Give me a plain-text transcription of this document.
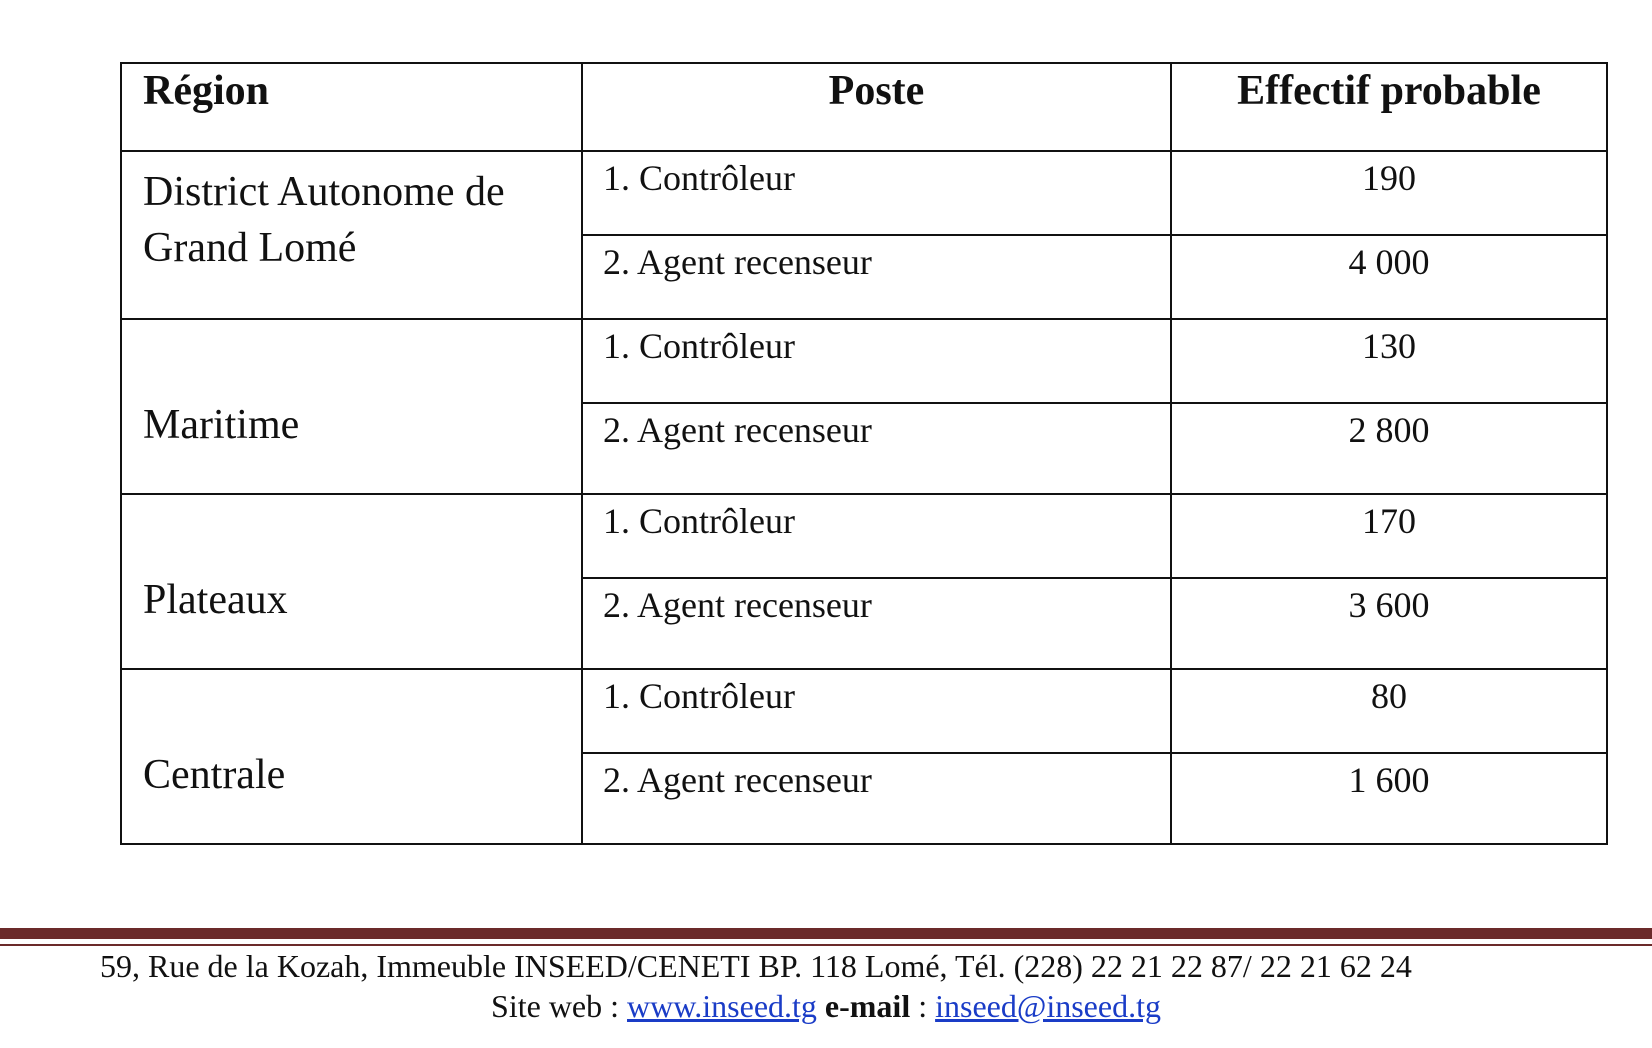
Région	Poste	Effectif probable
District Autonome de Grand Lomé	1. Contrôleur	190
	2. Agent recenseur	4 000
Maritime	1. Contrôleur	130
	2. Agent recenseur	2 800
Plateaux	1. Contrôleur	170
	2. Agent recenseur	3 600
Centrale	1. Contrôleur	80
	2. Agent recenseur	1 600
59, Rue de la Kozah, Immeuble INSEED/CENETI BP. 118 Lomé, Tél. (228) 22 21 22 87/ 22 21 62 24
Site web : www.inseed.tg e-mail : inseed@inseed.tg
